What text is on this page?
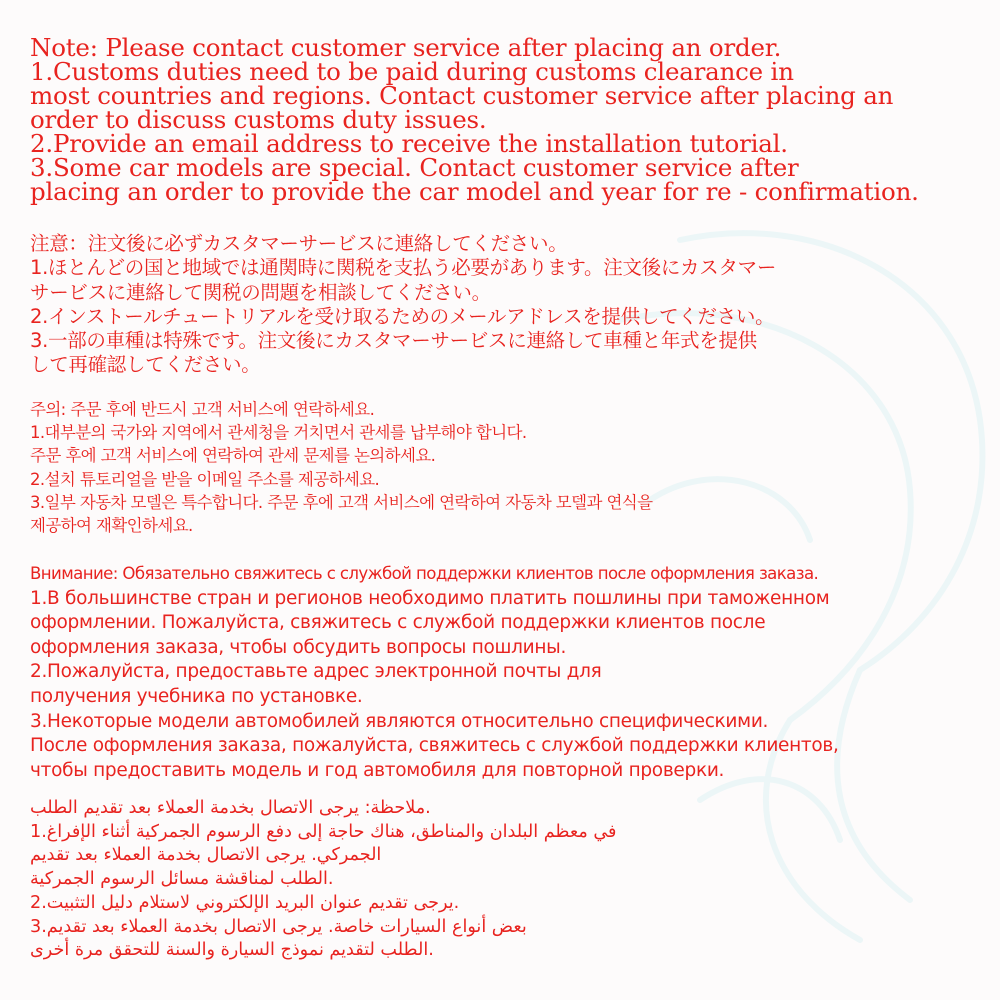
Note: Please contact customer service after placing an order.
1.Customs duties need to be paid during customs clearance in
most countries and regions. Contact customer service after placing an
order to discuss customs duty issues.
2.Provide an email address to receive the installation tutorial.
3.Some car models are special. Contact customer service after
placing an order to provide the car model and year for re - confirmation.
注意：注文後に必ずカスタマーサービスに連絡してください。
1.ほとんどの国と地域では通関時に関税を支払う必要があります。注文後にカスタマー
サービスに連絡して関税の問題を相談してください。
2.インストールチュートリアルを受け取るためのメールアドレスを提供してください。
3.一部の車種は特殊です。注文後にカスタマーサービスに連絡して車種と年式を提供
して再確認してください。
주의: 주문 후에 반드시 고객 서비스에 연락하세요.
1.대부분의 국가와 지역에서 관세청을 거치면서 관세를 납부해야 합니다.
주문 후에 고객 서비스에 연락하여 관세 문제를 논의하세요.
2.설치 튜토리얼을 받을 이메일 주소를 제공하세요.
3.일부 자동차 모델은 특수합니다. 주문 후에 고객 서비스에 연락하여 자동차 모델과 연식을
제공하여 재확인하세요.
Внимание: Обязательно свяжитесь с службой поддержки клиентов после оформления заказа.
1.В большинстве стран и регионов необходимо платить пошлины при таможенном
оформлении. Пожалуйста, свяжитесь с службой поддержки клиентов после
оформления заказа, чтобы обсудить вопросы пошлины.
2.Пожалуйста, предоставьте адрес электронной почты для
получения учебника по установке.
3.Некоторые модели автомобилей являются относительно специфическими.
После оформления заказа, пожалуйста, свяжитесь с службой поддержки клиентов,
чтобы предоставить модель и год автомобиля для повторной проверки.
ملاحظة: يرجى الاتصال بخدمة العملاء بعد تقديم الطلب.
1.في معظم البلدان والمناطق، هناك حاجة إلى دفع الرسوم الجمركية أثناء الإفراغ
الجمركي. يرجى الاتصال بخدمة العملاء بعد تقديم
الطلب لمناقشة مسائل الرسوم الجمركية.
2.يرجى تقديم عنوان البريد الإلكتروني لاستلام دليل التثبيت.
3.بعض أنواع السيارات خاصة. يرجى الاتصال بخدمة العملاء بعد تقديم
الطلب لتقديم نموذج السيارة والسنة للتحقق مرة أخرى.
